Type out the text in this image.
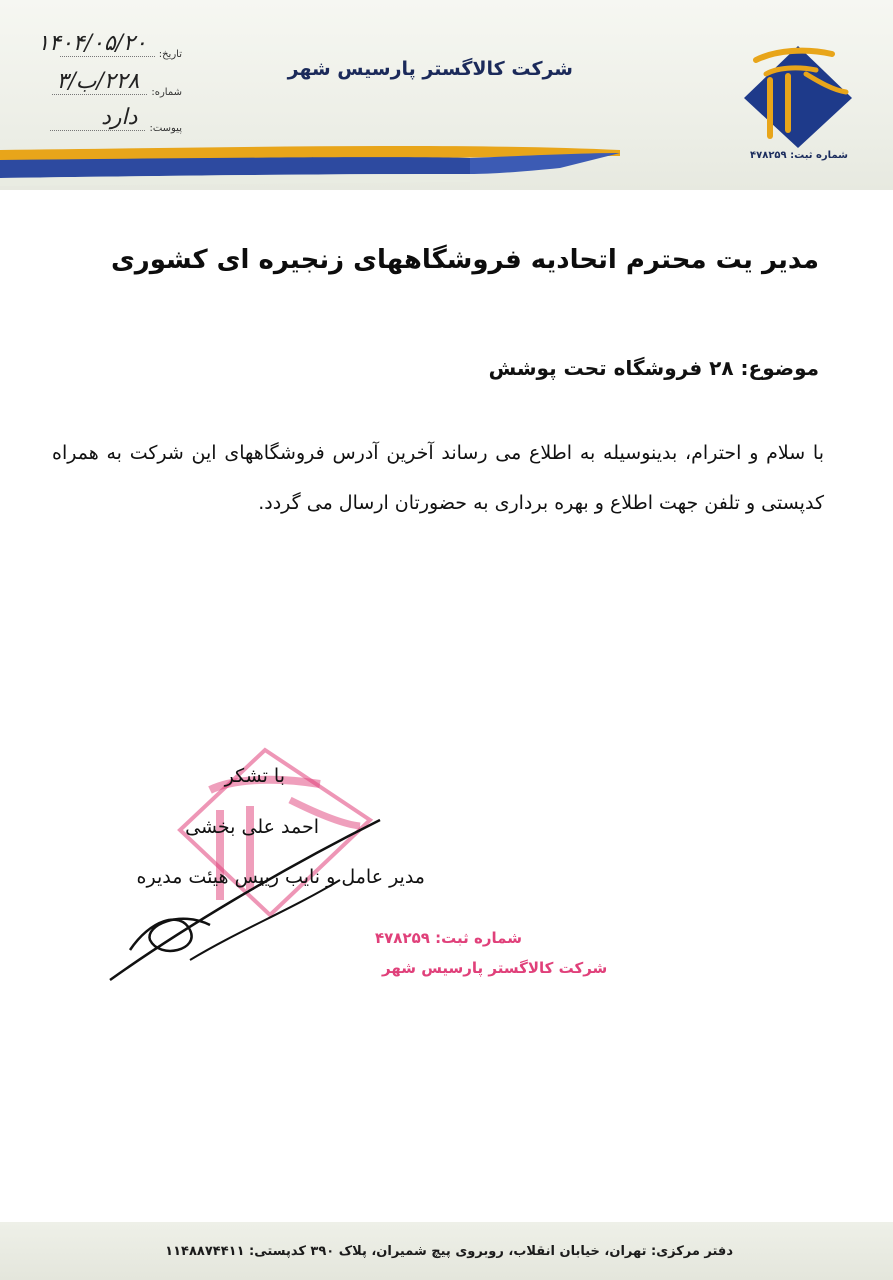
شماره ثبت: ۴۷۸۲۵۹
شرکت کالاگستر پارسیس شهر
تاریخ:
۱۴۰۴/۰۵/۲۰
شماره:
۲۲۸/ب/۳
پیوست:
دارد
مدیر یت محترم اتحادیه فروشگاههای زنجیره ای کشوری
موضوع: ۲۸ فروشگاه تحت پوشش
با سلام و احترام، بدینوسیله به اطلاع می رساند آخرین آدرس فروشگاههای این شرکت به همراه کدپستی و تلفن جهت اطلاع و بهره برداری به حضورتان ارسال می گردد.
شماره ثبت: ۴۷۸۲۵۹
شرکت کالاگستر پارسیس شهر
با تشکر
احمد علی بخشی
مدیر عامل و نایب رییس هیئت مدیره
دفتر مرکزی: تهران، خیابان انقلاب، روبروی پیچ شمیران، پلاک ۳۹۰ کدپستی: ۱۱۴۸۸۷۴۴۱۱
